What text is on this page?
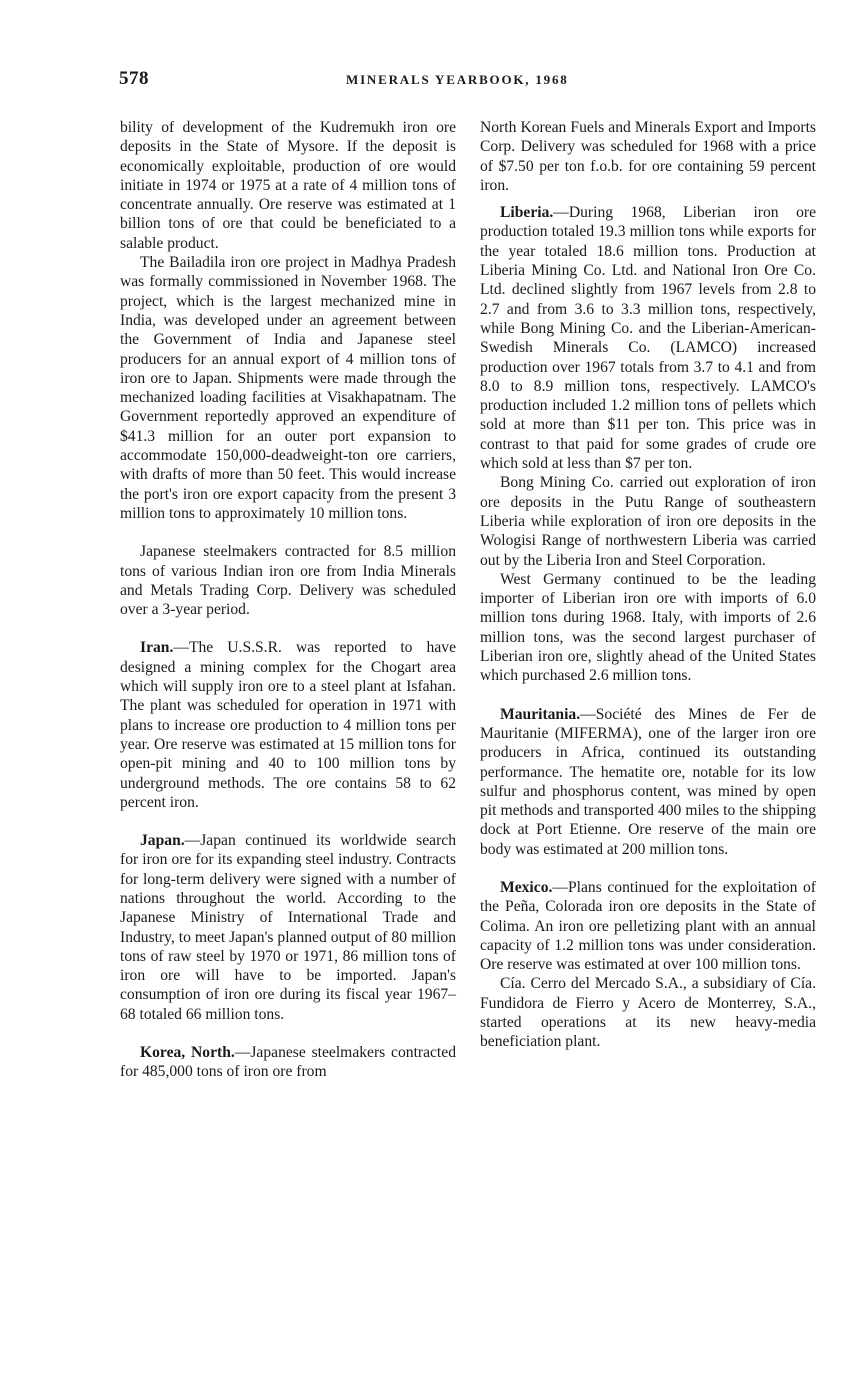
578	MINERALS YEARBOOK, 1968

bility of development of the Kudremukh iron ore deposits in the State of Mysore. If the deposit is economically exploitable, production of ore would initiate in 1974 or 1975 at a rate of 4 million tons of concentrate annually. Ore reserve was estimated at 1 billion tons of ore that could be beneficiated to a salable product.

The Bailadila iron ore project in Madhya Pradesh was formally commissioned in November 1968. The project, which is the largest mechanized mine in India, was developed under an agreement between the Government of India and Japanese steel producers for an annual export of 4 million tons of iron ore to Japan. Shipments were made through the mechanized loading facilities at Visakhapatnam. The Government reportedly approved an expenditure of $41.3 million for an outer port expansion to accommodate 150,000-deadweight-ton ore carriers, with drafts of more than 50 feet. This would increase the port's iron ore export capacity from the present 3 million tons to approximately 10 million tons.

Japanese steelmakers contracted for 8.5 million tons of various Indian iron ore from India Minerals and Metals Trading Corp. Delivery was scheduled over a 3-year period.

Iran.—The U.S.S.R. was reported to have designed a mining complex for the Chogart area which will supply iron ore to a steel plant at Isfahan. The plant was scheduled for operation in 1971 with plans to increase ore production to 4 million tons per year. Ore reserve was estimated at 15 million tons for open-pit mining and 40 to 100 million tons by underground methods. The ore contains 58 to 62 percent iron.

Japan.—Japan continued its worldwide search for iron ore for its expanding steel industry. Contracts for long-term delivery were signed with a number of nations throughout the world. According to the Japanese Ministry of International Trade and Industry, to meet Japan's planned output of 80 million tons of raw steel by 1970 or 1971, 86 million tons of iron ore will have to be imported. Japan's consumption of iron ore during its fiscal year 1967–68 totaled 66 million tons.

Korea, North.—Japanese steelmakers contracted for 485,000 tons of iron ore from

North Korean Fuels and Minerals Export and Imports Corp. Delivery was scheduled for 1968 with a price of $7.50 per ton f.o.b. for ore containing 59 percent iron.

Liberia.—During 1968, Liberian iron ore production totaled 19.3 million tons while exports for the year totaled 18.6 million tons. Production at Liberia Mining Co. Ltd. and National Iron Ore Co. Ltd. declined slightly from 1967 levels from 2.8 to 2.7 and from 3.6 to 3.3 million tons, respectively, while Bong Mining Co. and the Liberian-American-Swedish Minerals Co. (LAMCO) increased production over 1967 totals from 3.7 to 4.1 and from 8.0 to 8.9 million tons, respectively. LAMCO's production included 1.2 million tons of pellets which sold at more than $11 per ton. This price was in contrast to that paid for some grades of crude ore which sold at less than $7 per ton.

Bong Mining Co. carried out exploration of iron ore deposits in the Putu Range of southeastern Liberia while exploration of iron ore deposits in the Wologisi Range of northwestern Liberia was carried out by the Liberia Iron and Steel Corporation.

West Germany continued to be the leading importer of Liberian iron ore with imports of 6.0 million tons during 1968. Italy, with imports of 2.6 million tons, was the second largest purchaser of Liberian iron ore, slightly ahead of the United States which purchased 2.6 million tons.

Mauritania.—Société des Mines de Fer de Mauritanie (MIFERMA), one of the larger iron ore producers in Africa, continued its outstanding performance. The hematite ore, notable for its low sulfur and phosphorus content, was mined by open pit methods and transported 400 miles to the shipping dock at Port Etienne. Ore reserve of the main ore body was estimated at 200 million tons.

Mexico.—Plans continued for the exploitation of the Peña, Colorada iron ore deposits in the State of Colima. An iron ore pelletizing plant with an annual capacity of 1.2 million tons was under consideration. Ore reserve was estimated at over 100 million tons.

Cía. Cerro del Mercado S.A., a subsidiary of Cía. Fundidora de Fierro y Acero de Monterrey, S.A., started operations at its new heavy-media beneficiation plant.
